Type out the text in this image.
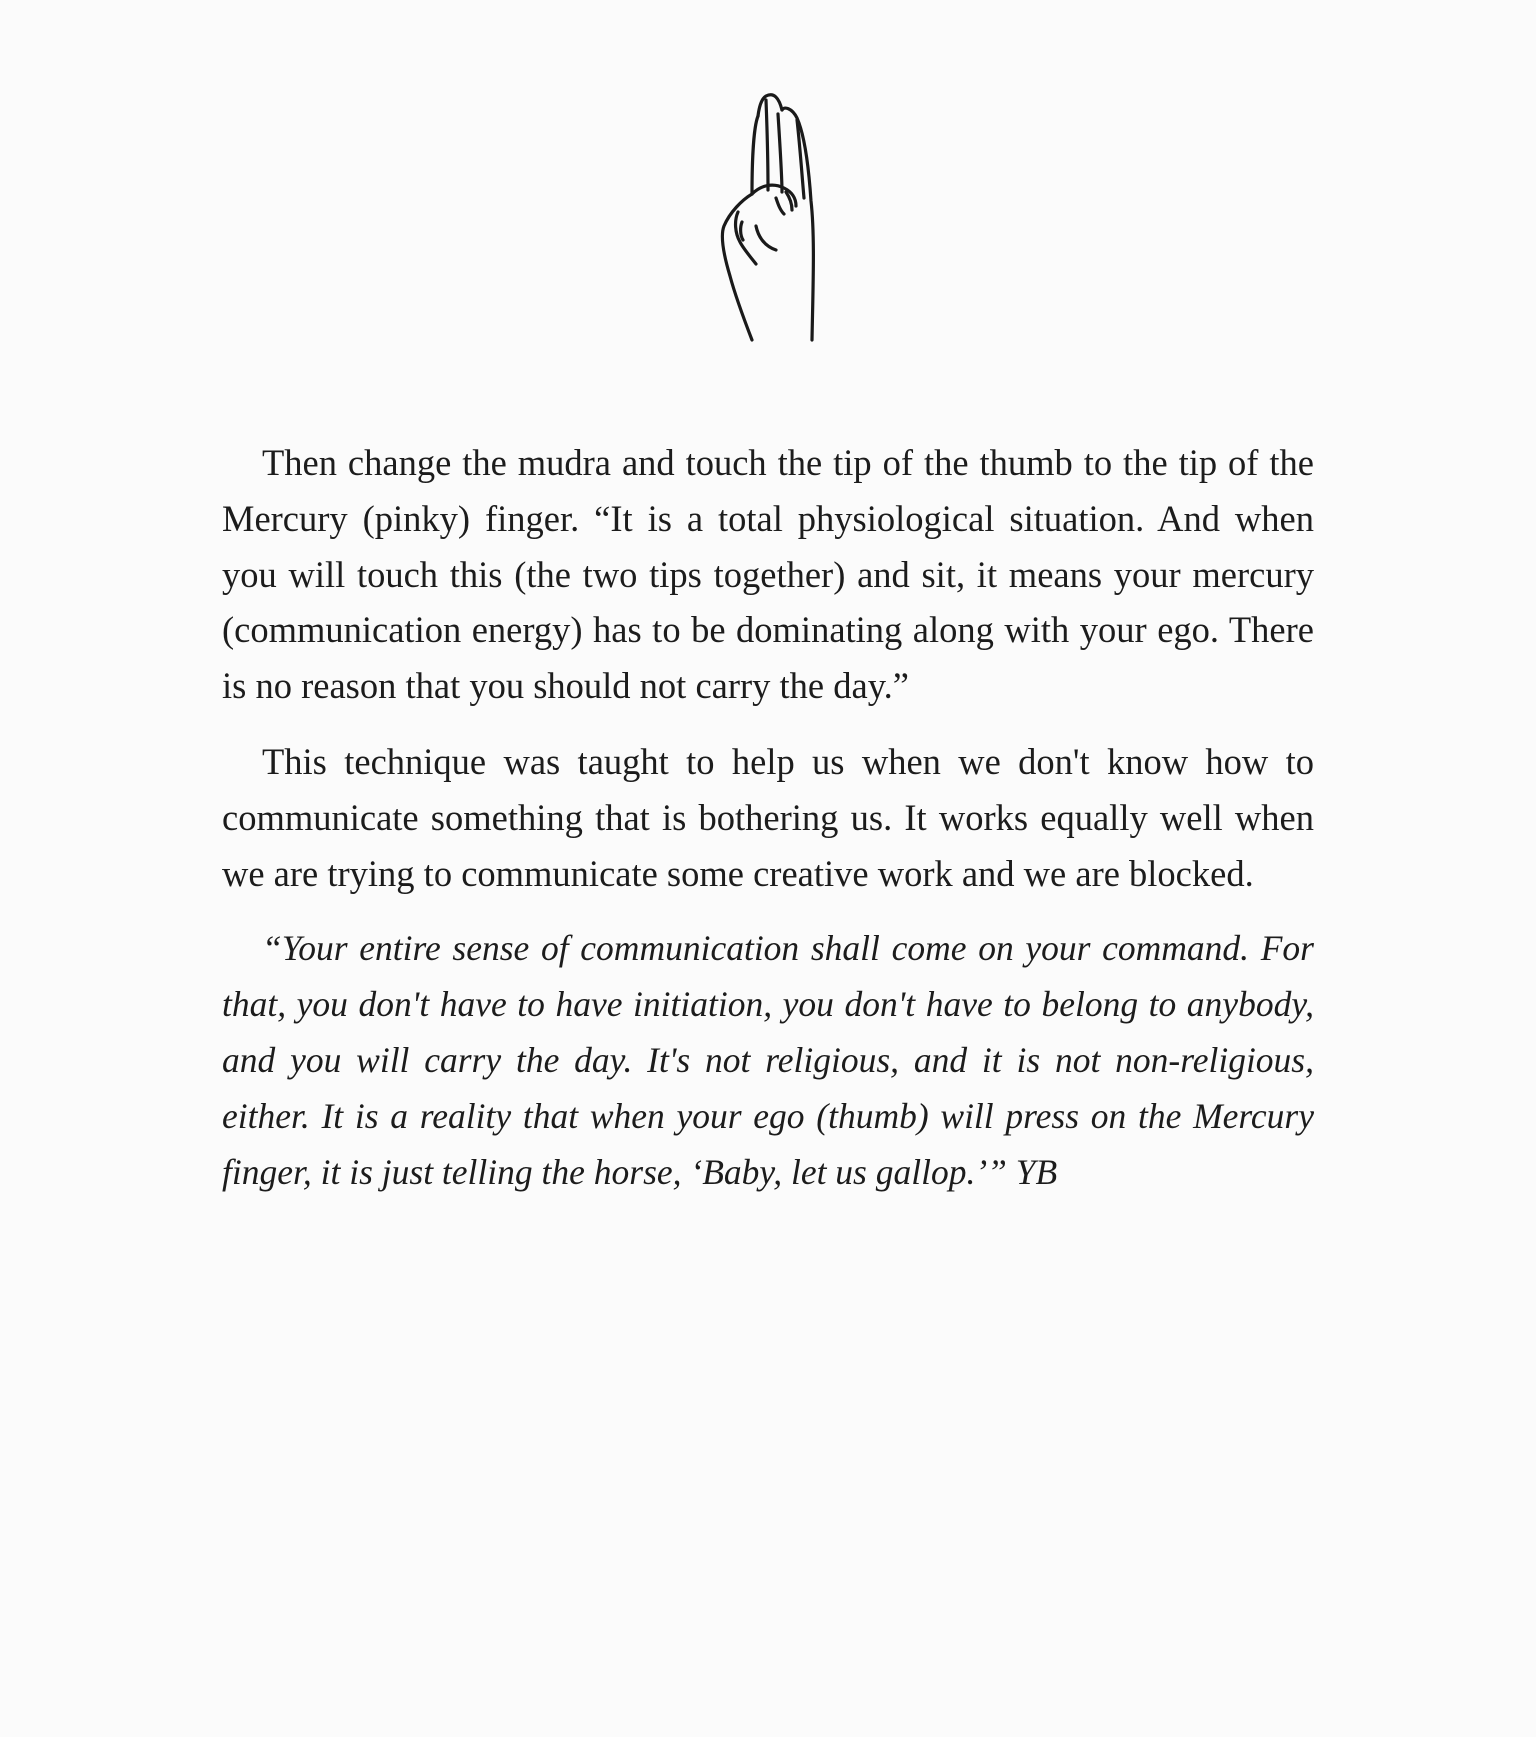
Then change the mudra and touch the tip of the thumb to the tip of the Mercury (pinky) finger. “It is a total physiological situation. And when you will touch this (the two tips together) and sit, it means your mercury (communication energy) has to be dominating along with your ego. There is no reason that you should not carry the day.”

This technique was taught to help us when we don't know how to communicate something that is bothering us. It works equally well when we are trying to communicate some creative work and we are blocked.

“Your entire sense of communication shall come on your command. For that, you don't have to have initiation, you don't have to belong to anybody, and you will carry the day. It's not religious, and it is not non-religious, either. It is a reality that when your ego (thumb) will press on the Mercury finger, it is just telling the horse, ‘Baby, let us gallop.’” YB
